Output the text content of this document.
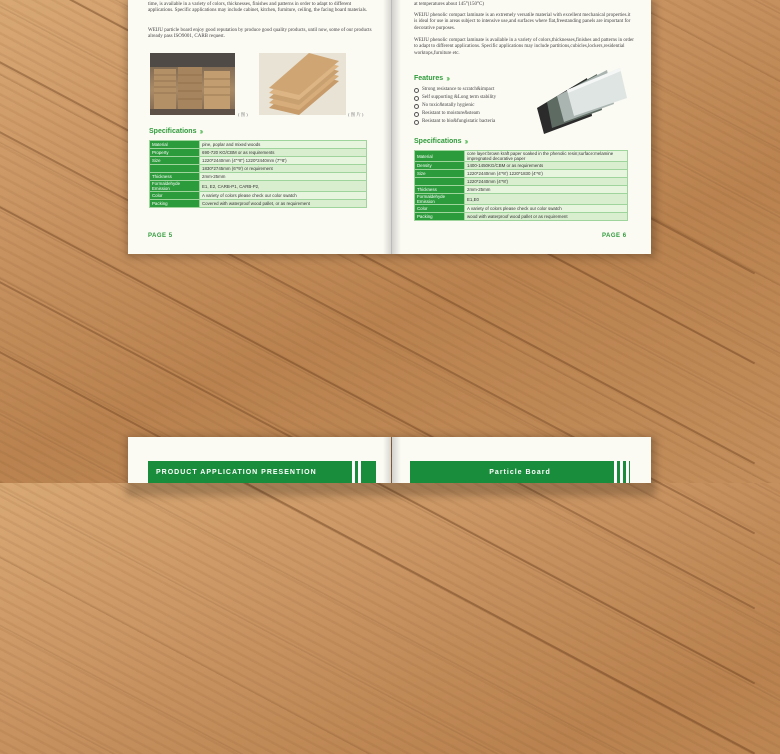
time, is available in a variety of colors, thicknesses, finishes and patterns in order to adapt to different applications. Specific applications may include cabinet, kitchen, furniture, ceiling, the facing board materials.

WEIJU particle board enjoy good reputation by produce good quality products, until now, some of our products already pass ISO9001, CARB request.

( 图 )	( 图 片 )
Specifications ›››
Material	pine, poplar and mixed woods
Property	690-720 KG/CBM or as requirements
Size	1220*2440mm (4"*8") 1220*2440mm (7'*8')
	1830*2745mm (6'*9') or requirement
Thickness	2mm-25mm
Formaldehyde Emission	E1, E2, CARB-P1, CARB-P2,
Color	A variety of colors please check our color swatch
Packing	Covered with waterproof wood pallet, or as requirement
PAGE 5

at temperatures about 145°(150°C)

WEIJU phenolic compact laminate is an extremely versatile material with excellent mechanical properties.it is ideal for use in areas subject to intensive use,and surfaces where flat,freestanding panels are important for decorative purposes.

WEIJU phenolic compact laminate is available in a variety of colors,thicknesses,finishes and patterns in order to adapt to different applications. Specific applications may include partitions,cubicles,lockers,residential worktops,furniture etc.

Features ›››
Strong resistance to scratch&impact
Self supporting &Long term stability
No toxic&totally hygienic
Resistant to moisture&steam
Resistant to bio&fungistatic bacteria
Specifications ›››
Material	core layer:brown kraft paper soaked in the phenolic resin;surface:melamine impregnated decorative paper
Density	1400-1450KG/CBM or as requirements
Size	1220*2440mm (4'*8') 1220*1830 (4'*6')
	1220*2440mm (4'*8')
Thickness	2mm-25mm
Formaldehyde Emission	E1,E0
Color	A variety of colors please check our color swatch
Packing	wood with waterproof wood pallet or as requirement
PAGE 6
PRODUCT APPLICATION PRESENTION	Particle Board
